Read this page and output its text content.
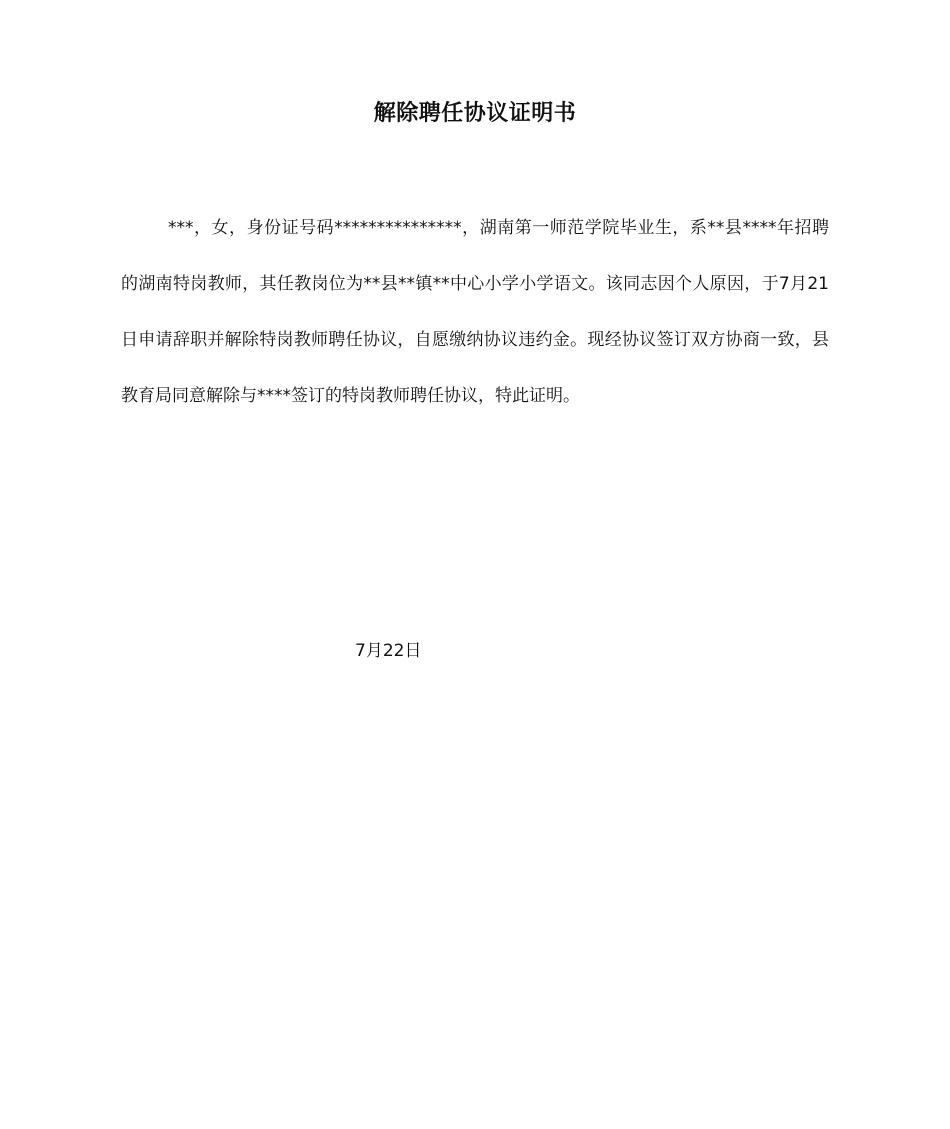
解除聘任协议证明书

***，女，身份证号码***************，湖南第一师范学院毕业生，系**县****年招聘的湖南特岗教师，其任教岗位为**县**镇**中心小学小学语文。该同志因个人原因，于7月21日申请辞职并解除特岗教师聘任协议，自愿缴纳协议违约金。现经协议签订双方协商一致，县教育局同意解除与****签订的特岗教师聘任协议，特此证明。

7月22日
